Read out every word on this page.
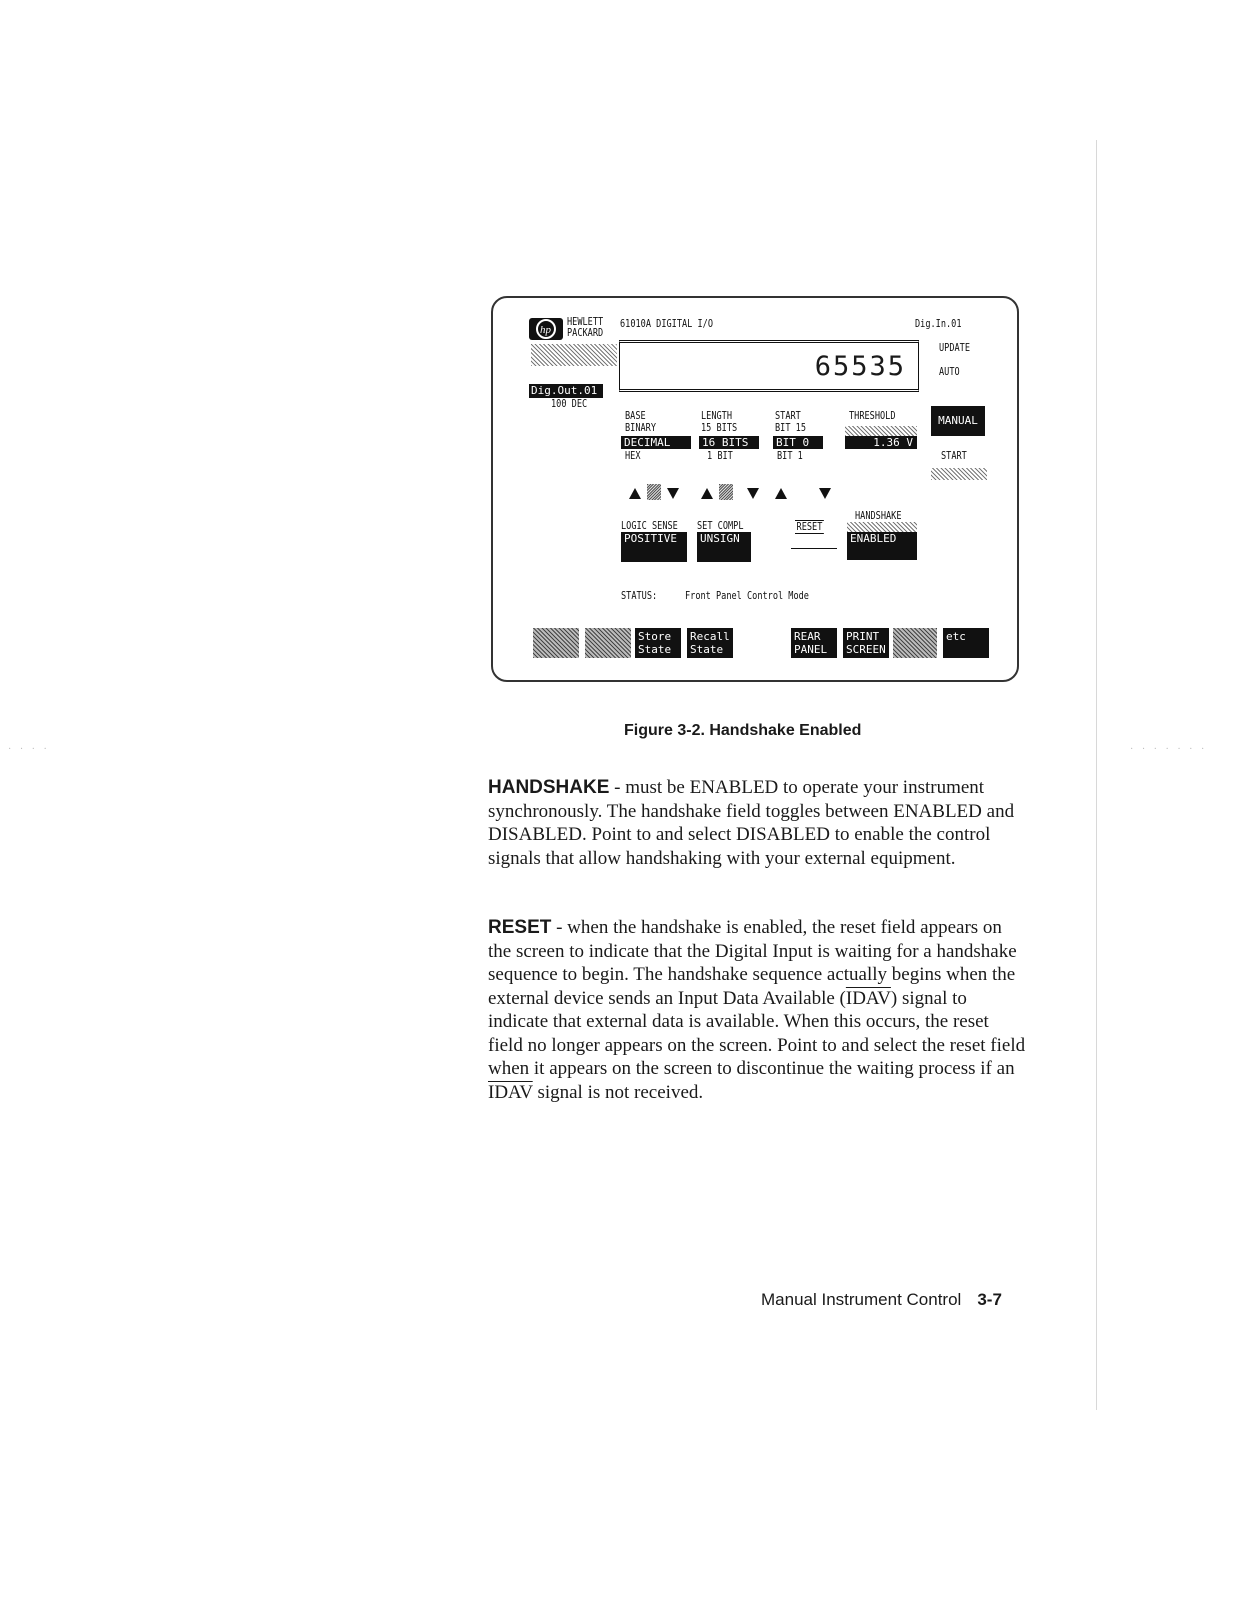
· · · ·	· · · · · · ·
hp
HEWLETT
PACKARD
61010A DIGITAL I/O	Dig.In.01
65535
UPDATE
AUTO
Dig.Out.01
100 DEC
BASE
BINARY
DECIMAL
HEX
LENGTH
15 BITS
16 BITS
1 BIT
START
BIT 15
BIT 0
BIT 1
THRESHOLD
1.36 V
MANUAL
START
LOGIC SENSE
POSITIVE
SET COMPL
UNSIGN
RESET
HANDSHAKE
ENABLED
STATUS:	Front Panel Control Mode
Store
State
Recall
State
REAR
PANEL
PRINT
SCREEN
etc
Figure 3-2. Handshake Enabled

HANDSHAKE - must be ENABLED to operate your instrument synchronously. The handshake field toggles between ENABLED and DISABLED. Point to and select DISABLED to enable the control signals that allow handshaking with your external equipment.

RESET - when the handshake is enabled, the reset field appears on the screen to indicate that the Digital Input is waiting for a handshake sequence to begin. The handshake sequence actually begins when the external device sends an Input Data Available (IDAV) signal to indicate that external data is available. When this occurs, the reset field no longer appears on the screen. Point to and select the reset field when it appears on the screen to discontinue the waiting process if an IDAV signal is not received.

Manual Instrument Control 3-7
